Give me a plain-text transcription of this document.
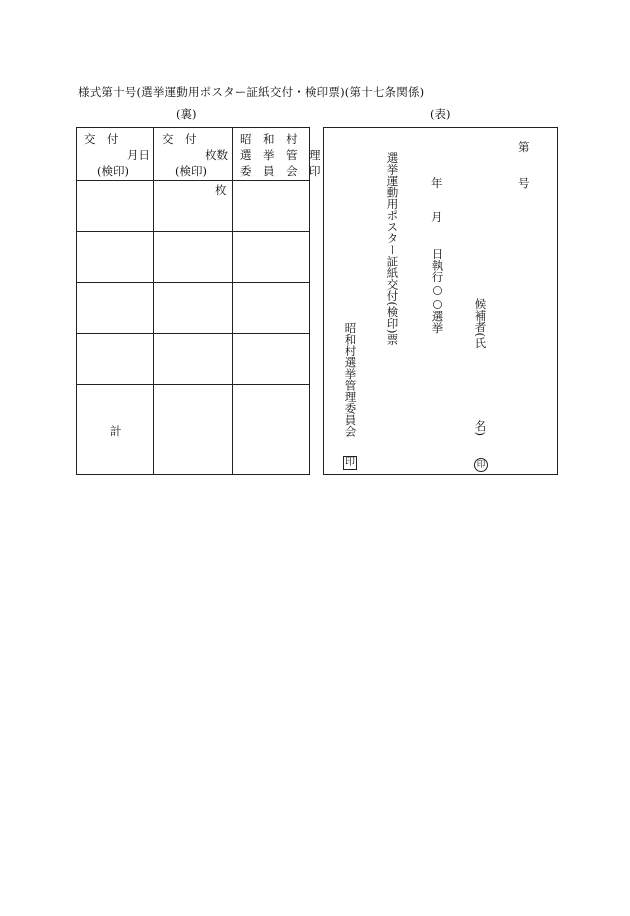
様式第十号(選挙運動用ポスター証紙交付・検印票)(第十七条関係)
(裏)	(表)
交　付
月日
(検印)
交　付
枚数
(検印)
昭　和　村
選　挙　管　理
委　員　会　印
枚
計
第
号
年
月
日執行○○選挙
選挙運動用ポスター証紙交付(検印)票
昭和村選挙管理委員会
印
候補者(氏
名)
印
